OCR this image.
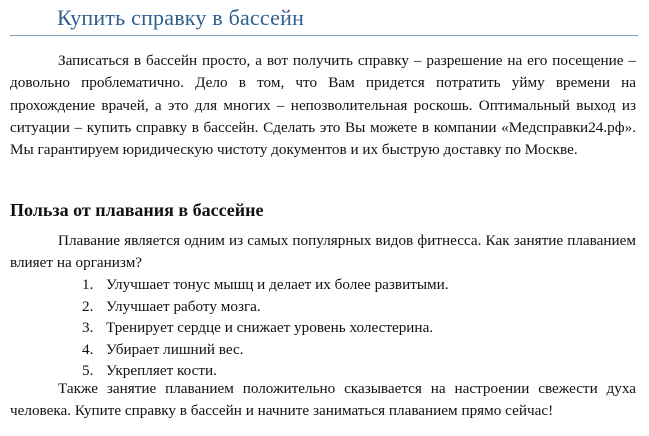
Купить справку в бассейн

Записаться в бассейн просто, а вот получить справку – разрешение на его посещение – довольно проблематично. Дело в том, что Вам придется потратить уйму времени на прохождение врачей, а это для многих – непозволительная роскошь. Оптимальный выход из ситуации – купить справку в бассейн. Сделать это Вы можете в компании «Медсправки24.рф». Мы гарантируем юридическую чистоту документов и их быструю доставку по Москве.

Польза от плавания в бассейне

Плавание является одним из самых популярных видов фитнесса. Как занятие плаванием влияет на организм?

1. Улучшает тонус мышц и делает их более развитыми.
2. Улучшает работу мозга.
3. Тренирует сердце и снижает уровень холестерина.
4. Убирает лишний вес.
5. Укрепляет кости.

Также занятие плаванием положительно сказывается на настроении свежести духа человека. Купите справку в бассейн и начните заниматься плаванием прямо сейчас!
